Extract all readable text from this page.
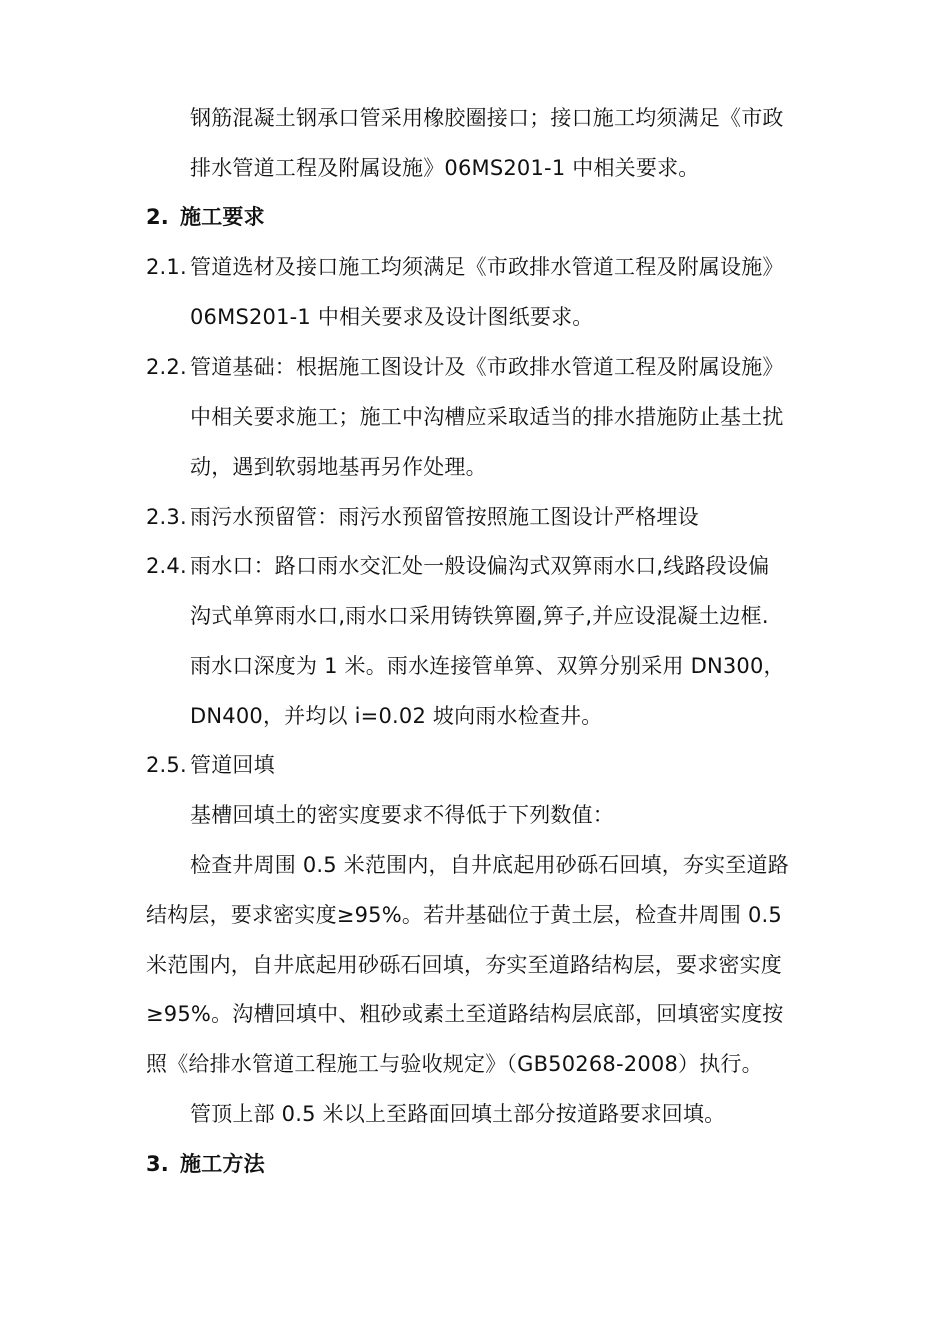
钢筋混凝土钢承口管采用橡胶圈接口；接口施工均须满足《市政
排水管道工程及附属设施》06MS201-1 中相关要求。
2. 施工要求
2.1. 管道选材及接口施工均须满足《市政排水管道工程及附属设施》
06MS201-1 中相关要求及设计图纸要求。
2.2. 管道基础：根据施工图设计及《市政排水管道工程及附属设施》
中相关要求施工；施工中沟槽应采取适当的排水措施防止基土扰
动，遇到软弱地基再另作处理。
2.3. 雨污水预留管：雨污水预留管按照施工图设计严格埋设
2.4. 雨水口：路口雨水交汇处一般设偏沟式双箅雨水口,线路段设偏
沟式单箅雨水口,雨水口采用铸铁箅圈,箅子,并应设混凝土边框.
雨水口深度为 1 米。雨水连接管单箅、双箅分别采用 DN300，
DN400，并均以 i=0.02 坡向雨水检查井。
2.5. 管道回填
基槽回填土的密实度要求不得低于下列数值：
检查井周围 0.5 米范围内，自井底起用砂砾石回填，夯实至道路
结构层，要求密实度≥95%。若井基础位于黄土层，检查井周围 0.5
米范围内，自井底起用砂砾石回填，夯实至道路结构层，要求密实度
≥95%。沟槽回填中、粗砂或素土至道路结构层底部，回填密实度按
照《给排水管道工程施工与验收规定》（GB50268-2008）执行。
管顶上部 0.5 米以上至路面回填土部分按道路要求回填。
3. 施工方法
